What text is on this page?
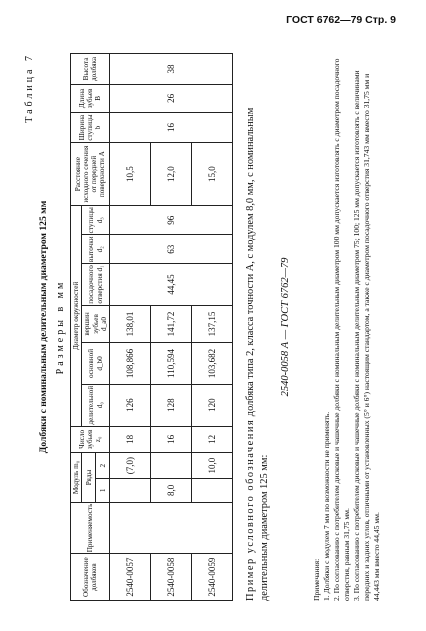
ГОСТ 6762—79 Стр. 9
Таблица 7
Долбяки с номинальным делительным диаметром 125 мм Размеры в мм
Обозначение долбяков	Применяемость	Модуль m₀		Число зубьев z₀	Диаметр окружностей						Расстояние исходного сечения от передней поверхности A	Ширина ступицы b	Длина зубьев B	Высота долбяка
		Ряды			делительной d₀	основной d_b0	вершин зубьев d_a0	посадочного отверстия d₁	выточки d₂	ступицы d₃				
		1	2											
2540-0057			(7,0)	18	126	108,866	138,01	44,45	63	96	10,5	16	26	38
2540-0058		8,0		16	128	110,594	141,72				12,0			
2540-0059			10,0	12	120	103,682	137,15				15,0			
Пример условного обозначения долбяка типа 2, класса точности А, с модулем 8,0 мм, с номинальным делительным диаметром 125 мм:
2540-0058 А — ГОСТ 6762—79
Примечания: 1. Долбяки с модулем 7 мм по возможности не применять. 2. По согласованию с потребителем дисковые и чашечные долбяки с номинальным делительным диаметром 100 мм допускается изготовлять с диаметром посадочного отверстия, равным 31,75 мм. 3. По согласованию с потребителем дисковые и чашечные долбяки с номинальным делительным диаметром 75; 100; 125 мм допускается изготовлять с величинами передних и задних углов, отличными от установленных (5° и 6°) настоящим стандартом, а также с диаметром посадочного отверстия 31,743 мм вместо 31,75 мм и 44,443 мм вместо 44,45 мм.
